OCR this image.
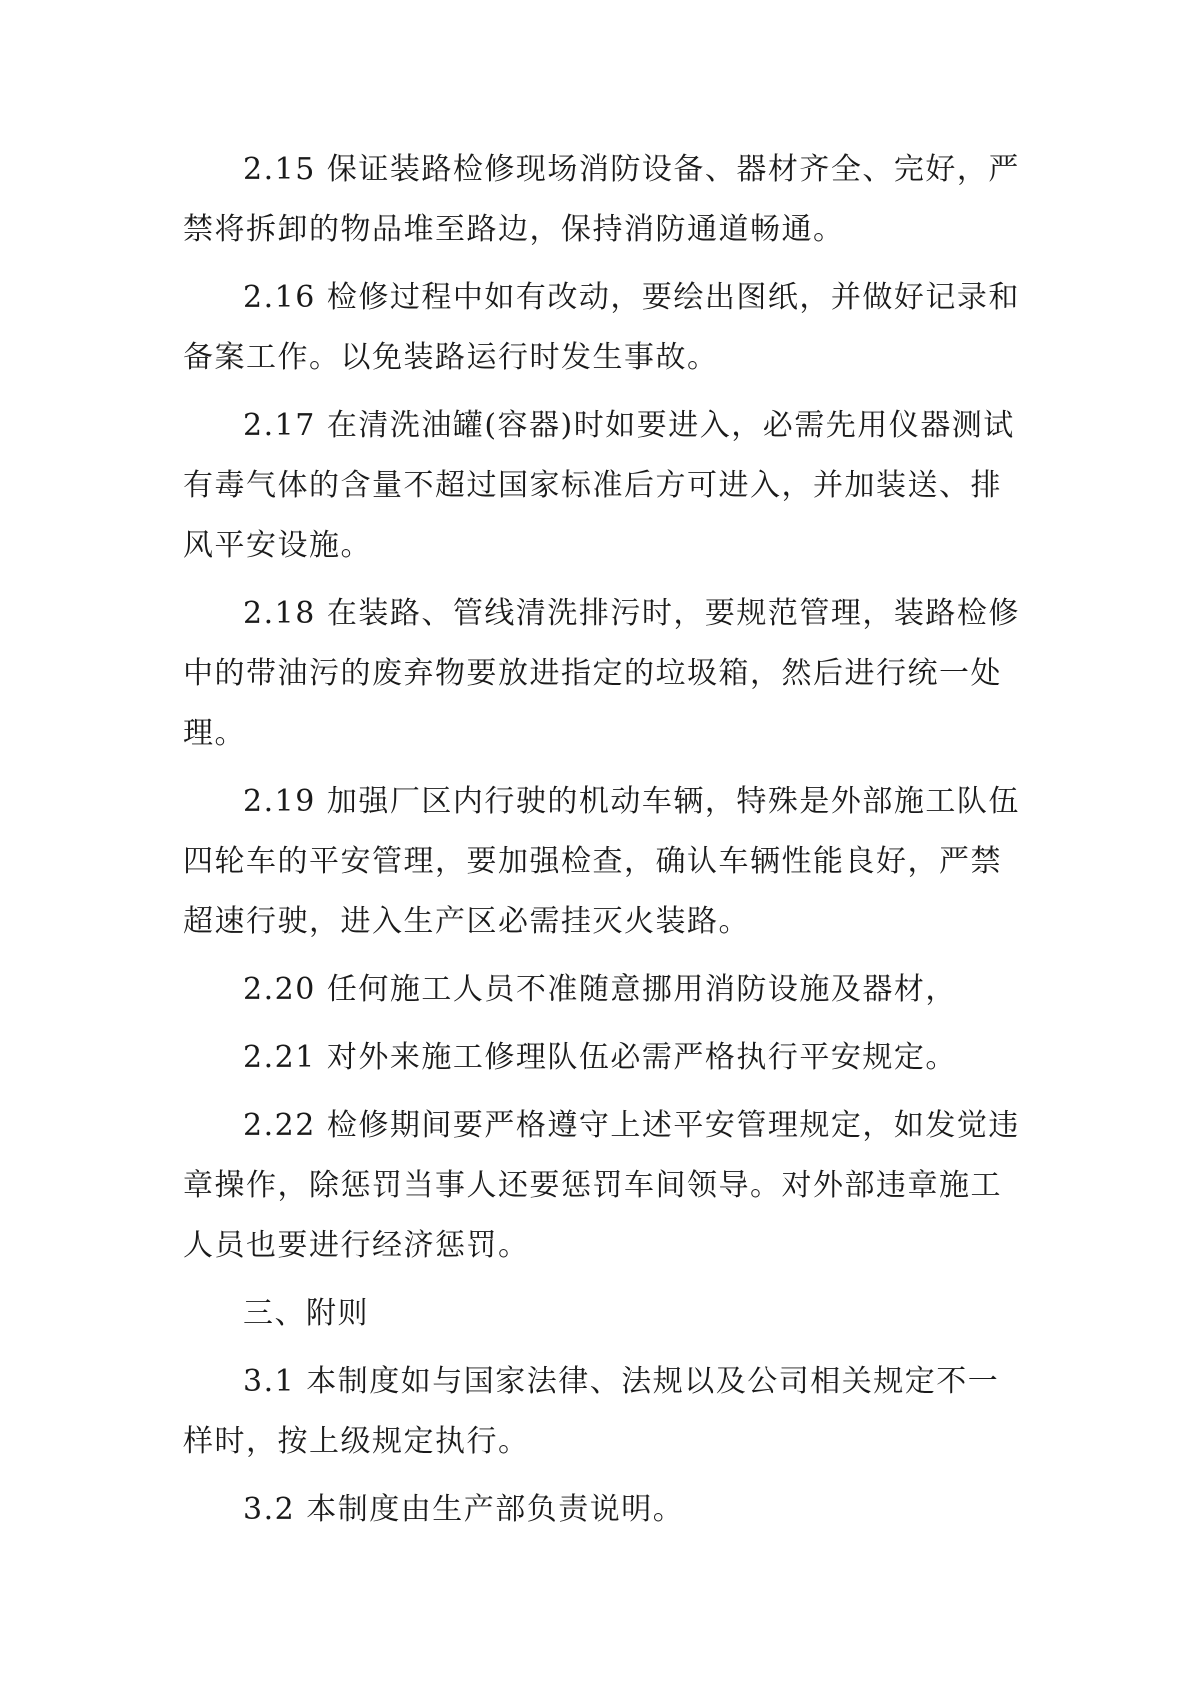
2.15 保证装路检修现场消防设备、器材齐全、完好，严
禁将拆卸的物品堆至路边，保持消防通道畅通。
2.16 检修过程中如有改动，要绘出图纸，并做好记录和
备案工作。以免装路运行时发生事故。
2.17 在清洗油罐(容器)时如要进入，必需先用仪器测试
有毒气体的含量不超过国家标准后方可进入，并加装送、排
风平安设施。
2.18 在装路、管线清洗排污时，要规范管理，装路检修
中的带油污的废弃物要放进指定的垃圾箱，然后进行统一处
理。
2.19 加强厂区内行驶的机动车辆，特殊是外部施工队伍
四轮车的平安管理，要加强检查，确认车辆性能良好，严禁
超速行驶，进入生产区必需挂灭火装路。
2.20 任何施工人员不准随意挪用消防设施及器材，
2.21 对外来施工修理队伍必需严格执行平安规定。
2.22 检修期间要严格遵守上述平安管理规定，如发觉违
章操作，除惩罚当事人还要惩罚车间领导。对外部违章施工
人员也要进行经济惩罚。
三、附则
3.1 本制度如与国家法律、法规以及公司相关规定不一
样时，按上级规定执行。
3.2 本制度由生产部负责说明。
